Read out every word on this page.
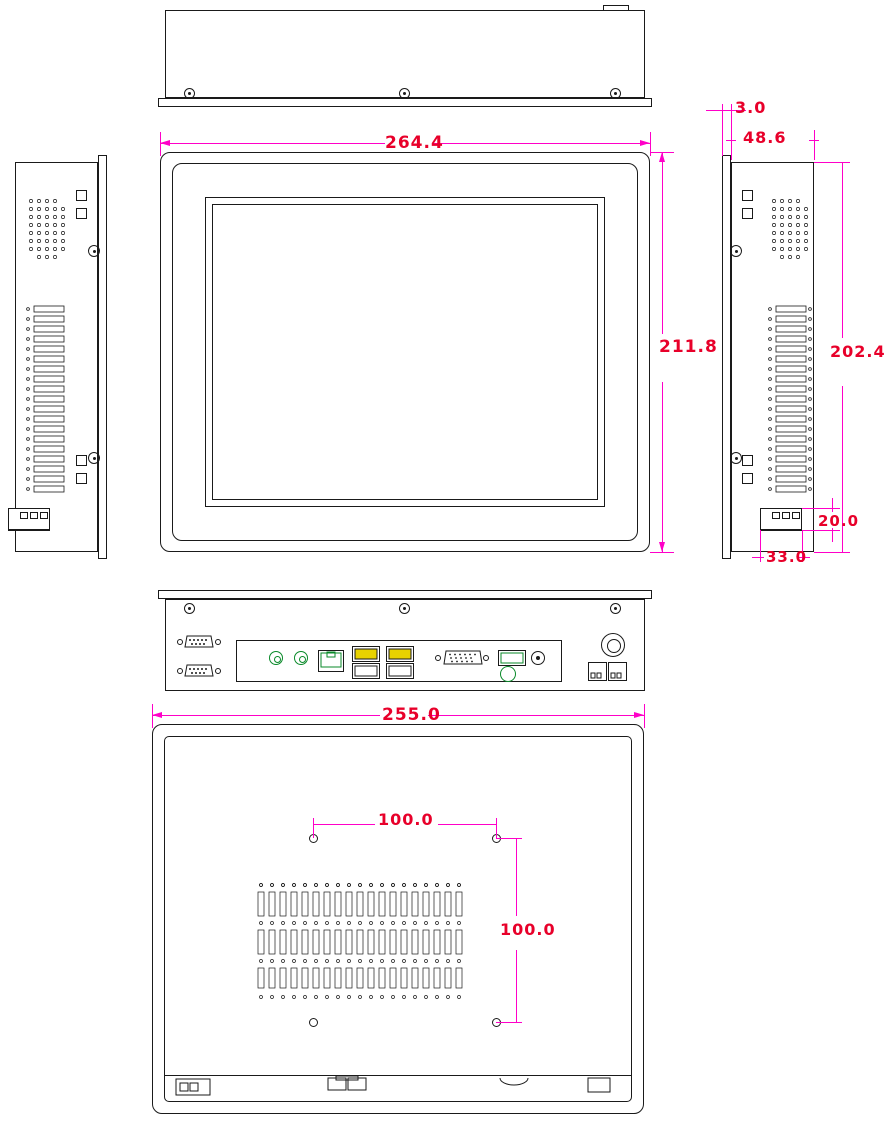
264.4
211.8
3.0
48.6
202.4
20.0
33.0
255.0
100.0
100.0
